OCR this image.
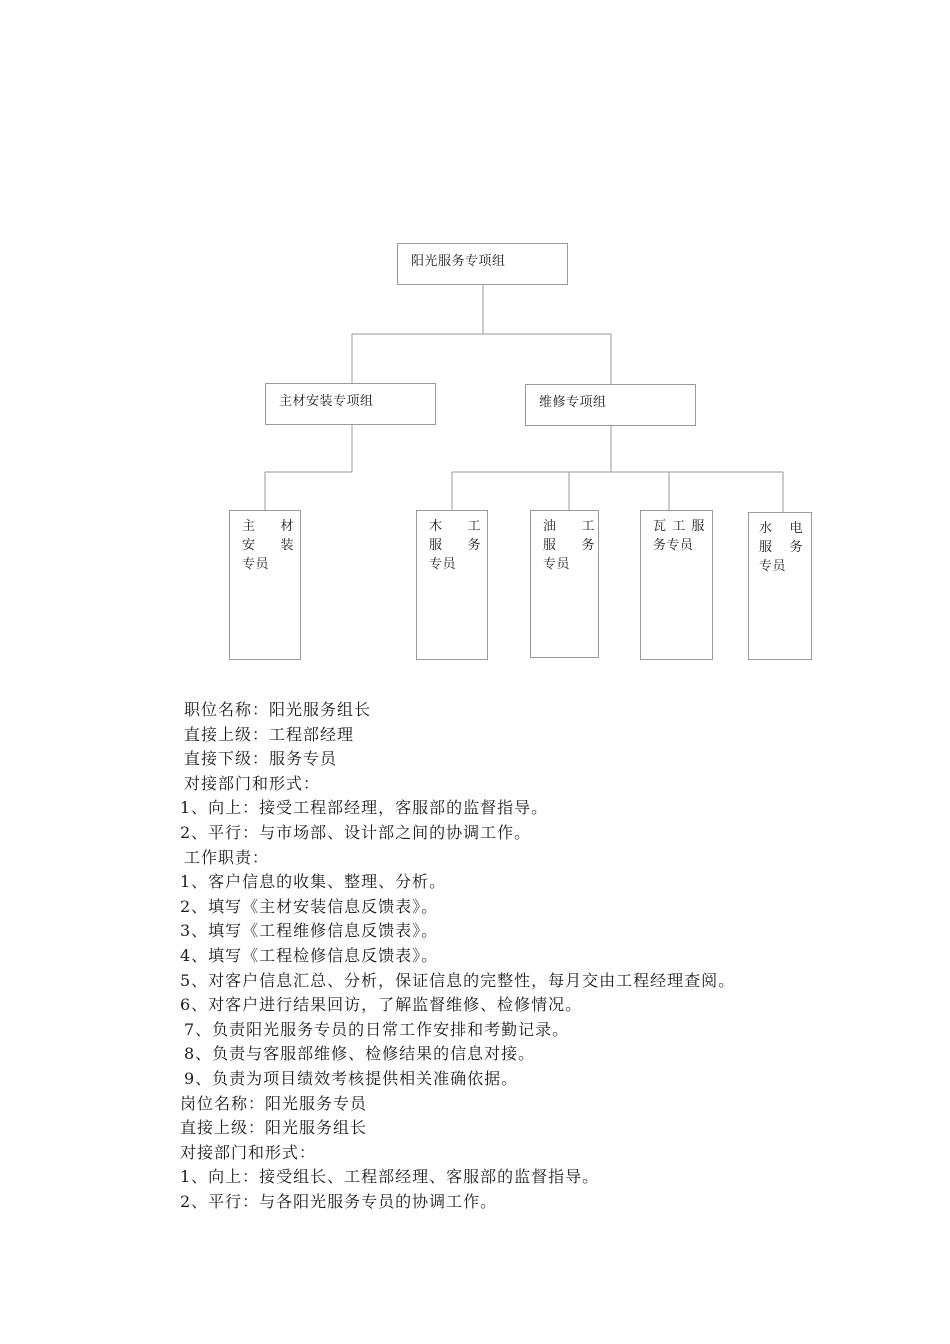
阳光服务专项组
主材安装专项组	维修专项组
主　材
安　装
专员
木　工
服　务
专员
油　工
服　务
专员
瓦工服
务专员
水　电
服　务
专员
职位名称：阳光服务组长
直接上级：工程部经理
直接下级：服务专员
对接部门和形式：
1、向上：接受工程部经理，客服部的监督指导。
2、平行：与市场部、设计部之间的协调工作。
工作职责：
1、客户信息的收集、整理、分析。
2、填写《主材安装信息反馈表》。
3、填写《工程维修信息反馈表》。
4、填写《工程检修信息反馈表》。
5、对客户信息汇总、分析，保证信息的完整性，每月交由工程经理查阅。
6、对客户进行结果回访，了解监督维修、检修情况。
7、负责阳光服务专员的日常工作安排和考勤记录。
8、负责与客服部维修、检修结果的信息对接。
9、负责为项目绩效考核提供相关准确依据。
岗位名称：阳光服务专员
直接上级：阳光服务组长
对接部门和形式：
1、向上：接受组长、工程部经理、客服部的监督指导。
2、平行：与各阳光服务专员的协调工作。
